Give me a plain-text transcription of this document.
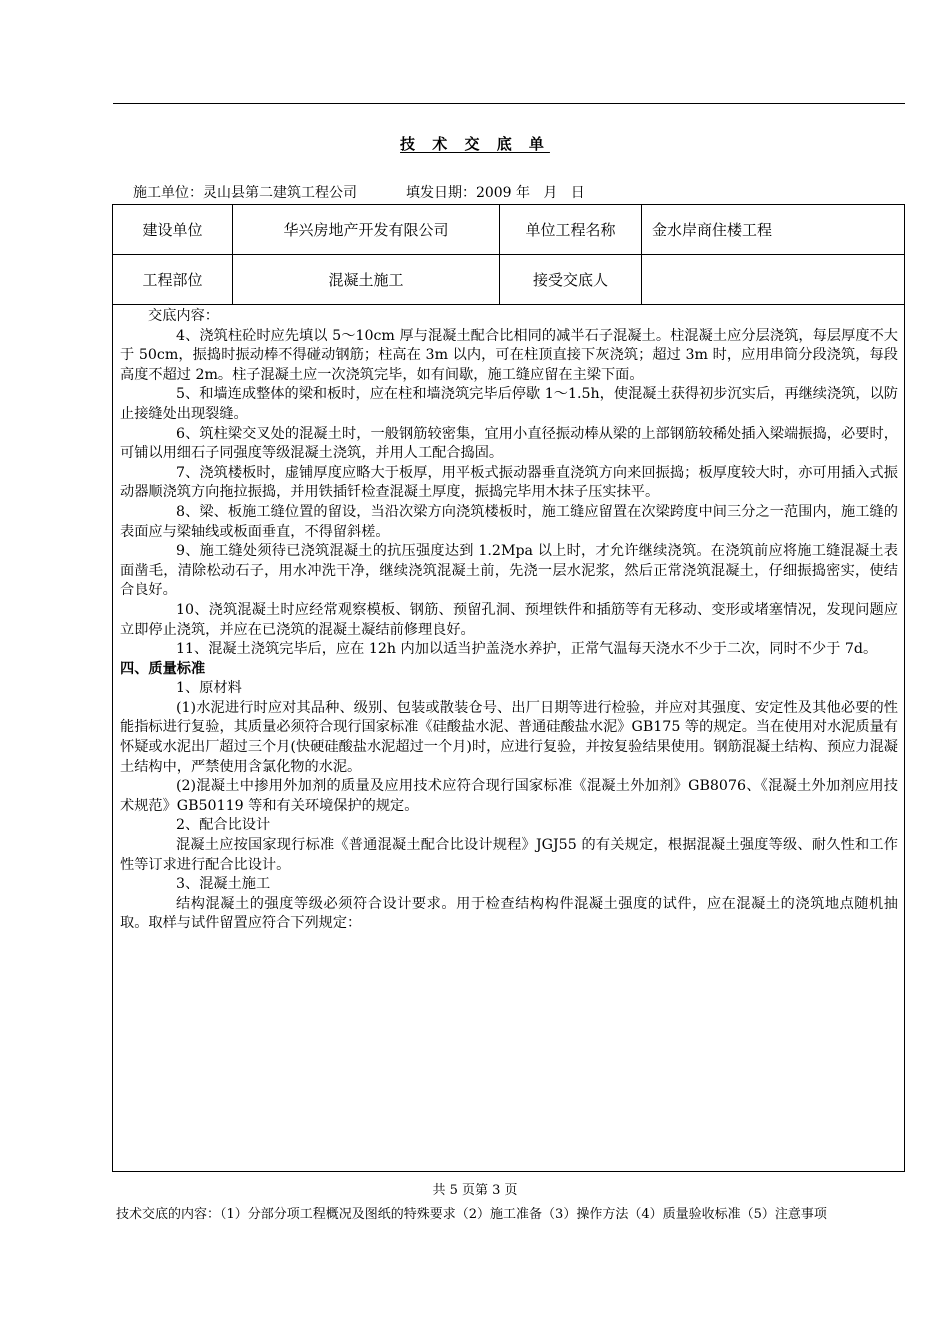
技 术 交 底 单
施工单位：灵山县第二建筑工程公司	填发日期：2009 年   月   日
建设单位	华兴房地产开发有限公司	单位工程名称	金水岸商住楼工程
工程部位	混凝土施工	接受交底人	

交底内容：

4、浇筑柱砼时应先填以 5～10cm 厚与混凝土配合比相同的减半石子混凝土。柱混凝土应分层浇筑，每层厚度不大于 50cm，振捣时振动棒不得碰动钢筋；柱高在 3m 以内，可在柱顶直接下灰浇筑；超过 3m 时，应用串筒分段浇筑，每段高度不超过 2m。柱子混凝土应一次浇筑完毕，如有间歇，施工缝应留在主梁下面。

5、和墙连成整体的梁和板时，应在柱和墙浇筑完毕后停歇 1～1.5h，使混凝土获得初步沉实后，再继续浇筑，以防止接缝处出现裂缝。

6、筑柱梁交叉处的混凝土时，一般钢筋较密集，宜用小直径振动棒从梁的上部钢筋较稀处插入梁端振捣，必要时，可铺以用细石子同强度等级混凝土浇筑，并用人工配合捣固。

7、浇筑楼板时，虚铺厚度应略大于板厚，用平板式振动器垂直浇筑方向来回振捣；板厚度较大时，亦可用插入式振动器顺浇筑方向拖拉振捣，并用铁插钎检查混凝土厚度，振捣完毕用木抹子压实抹平。

8、梁、板施工缝位置的留设，当沿次梁方向浇筑楼板时，施工缝应留置在次梁跨度中间三分之一范围内，施工缝的表面应与梁轴线或板面垂直，不得留斜槎。

9、施工缝处须待已浇筑混凝土的抗压强度达到 1.2Mpa 以上时，才允许继续浇筑。在浇筑前应将施工缝混凝土表面凿毛，清除松动石子，用水冲洗干净，继续浇筑混凝土前，先浇一层水泥浆，然后正常浇筑混凝土，仔细振捣密实，使结合良好。

10、浇筑混凝土时应经常观察模板、钢筋、预留孔洞、预埋铁件和插筋等有无移动、变形或堵塞情况，发现问题应立即停止浇筑，并应在已浇筑的混凝土凝结前修理良好。

11、混凝土浇筑完毕后，应在 12h 内加以适当护盖浇水养护，正常气温每天浇水不少于二次，同时不少于 7d。

四、质量标准

1、原材料

(1)水泥进行时应对其品种、级别、包装或散装仓号、出厂日期等进行检验，并应对其强度、安定性及其他必要的性能指标进行复验，其质量必须符合现行国家标准《硅酸盐水泥、普通硅酸盐水泥》GB175 等的规定。当在使用对水泥质量有怀疑或水泥出厂超过三个月(快硬硅酸盐水泥超过一个月)时，应进行复验，并按复验结果使用。钢筋混凝土结构、预应力混凝土结构中，严禁使用含氯化物的水泥。

(2)混凝土中掺用外加剂的质量及应用技术应符合现行国家标准《混凝土外加剂》GB8076、《混凝土外加剂应用技术规范》GB50119 等和有关环境保护的规定。

2、配合比设计

混凝土应按国家现行标准《普通混凝土配合比设计规程》JGJ55 的有关规定，根据混凝土强度等级、耐久性和工作性等订求进行配合比设计。

3、混凝土施工

结构混凝土的强度等级必须符合设计要求。用于检查结构构件混凝土强度的试件，应在混凝土的浇筑地点随机抽取。取样与试件留置应符合下列规定：

共 5 页第 3 页
技术交底的内容：（1）分部分项工程概况及图纸的特殊要求（2）施工准备（3）操作方法（4）质量验收标准（5）注意事项
